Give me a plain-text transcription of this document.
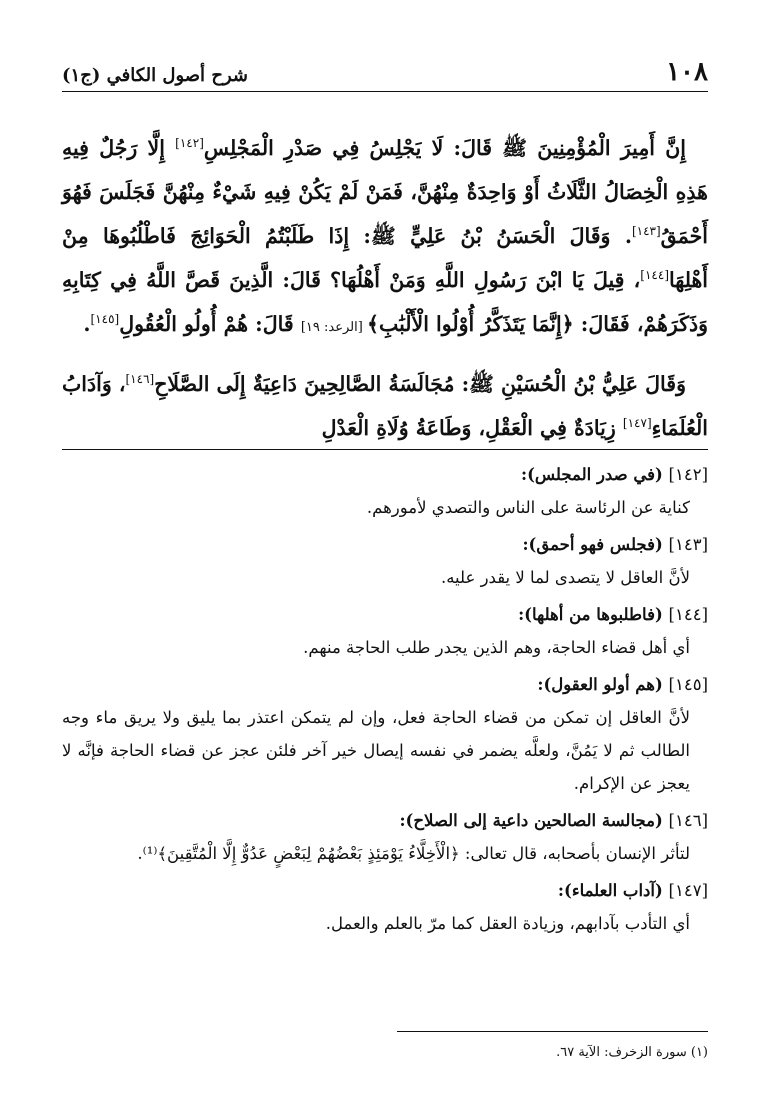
١٠٨
شرح أصول الكافي (ج١)

إِنَّ أَمِيرَ الْمُؤْمِنِينَ ﷺ قَالَ: لَا يَجْلِسُ فِي صَدْرِ الْمَجْلِسِ[١٤٢] إِلَّا رَجُلٌ فِيهِ هَذِهِ الْخِصَالُ الثَّلَاثُ أَوْ وَاحِدَةٌ مِنْهُنَّ، فَمَنْ لَمْ يَكُنْ فِيهِ شَيْءٌ مِنْهُنَّ فَجَلَسَ فَهُوَ أَحْمَقُ[١٤٣]. وَقَالَ الْحَسَنُ بْنُ عَلِيٍّ ﷺ: إِذَا طَلَبْتُمُ الْحَوَائِجَ فَاطْلُبُوهَا مِنْ أَهْلِهَا[١٤٤]، قِيلَ يَا ابْنَ رَسُولِ اللَّهِ وَمَنْ أَهْلُهَا؟ قَالَ: الَّذِينَ قَصَّ اللَّهُ فِي كِتَابِهِ وَذَكَرَهُمْ، فَقَالَ: ﴿إِنَّمَا يَتَذَكَّرُ أُوْلُوا الْأَلْبَٰبِ﴾ [الرعد: ١٩] قَالَ: هُمْ أُولُو الْعُقُولِ[١٤٥].

وَقَالَ عَلِيُّ بْنُ الْحُسَيْنِ ﷺ: مُجَالَسَةُ الصَّالِحِينَ دَاعِيَةٌ إِلَى الصَّلَاحِ[١٤٦]، وَآدَابُ الْعُلَمَاءِ[١٤٧] زِيَادَةٌ فِي الْعَقْلِ، وَطَاعَةُ وُلَاةِ الْعَدْلِ

[١٤٢] (في صدر المجلس):
كناية عن الرئاسة على الناس والتصدي لأمورهم.
[١٤٣] (فجلس فهو أحمق):
لأنَّ العاقل لا يتصدى لما لا يقدر عليه.
[١٤٤] (فاطلبوها من أهلها):
أي أهل قضاء الحاجة، وهم الذين يجدر طلب الحاجة منهم.
[١٤٥] (هم أولو العقول):
لأنَّ العاقل إن تمكن من قضاء الحاجة فعل، وإن لم يتمكن اعتذر بما يليق ولا يريق ماء وجه الطالب ثم لا يَمُنَّ، ولعلَّه يضمر في نفسه إيصال خير آخر فلئن عجز عن قضاء الحاجة فإنَّه لا يعجز عن الإكرام.
[١٤٦] (مجالسة الصالحين داعية إلى الصلاح):
لتأثر الإنسان بأصحابه، قال تعالى: ﴿الْأَخِلَّاءُ يَوْمَئِذٍ بَعْضُهُمْ لِبَعْضٍ عَدُوٌّ إِلَّا الْمُتَّقِينَ﴾⁽¹⁾.
[١٤٧] (آداب العلماء):
أي التأدب بآدابهم، وزيادة العقل كما مرّ بالعلم والعمل.
(١) سورة الزخرف: الآية ٦٧.
